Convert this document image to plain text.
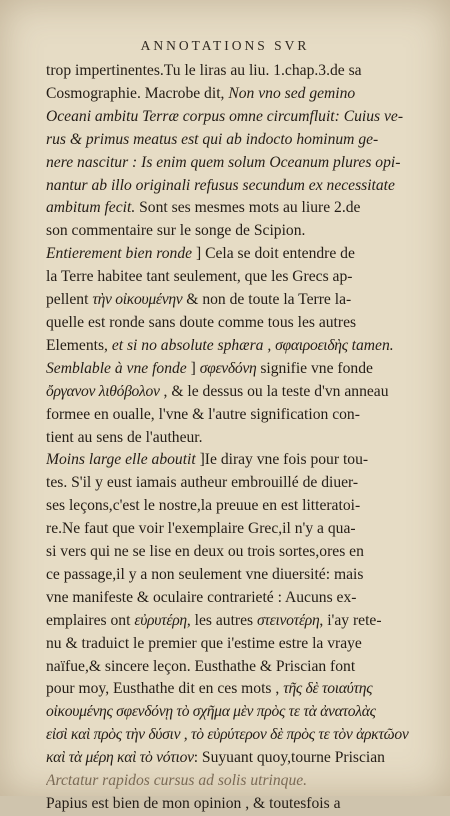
ANNOTATIONS SVR
trop impertinentes.Tu le liras au liu. 1.chap.3.de sa
Cosmographie. Macrobe dit, Non vno sed gemino
Oceani ambitu Terræ corpus omne circumfluit: Cuius ve-
rus & primus meatus est qui ab indocto hominum ge-
nere nascitur : Is enim quem solum Oceanum plures opi-
nantur ab illo originali refusus secundum ex necessitate
ambitum fecit. Sont ses mesmes mots au liure 2.de
son commentaire sur le songe de Scipion.
Entierement bien ronde ] Cela se doit entendre de
la Terre habitee tant seulement, que les Grecs ap-
pellent τὴν οἰκουμένην & non de toute la Terre la-
quelle est ronde sans doute comme tous les autres
Elements, et si no absolute sphæra , σφαιροειδὴς tamen.
Semblable à vne fonde ] σφενδόνη signifie vne fonde
ὄργανον λιθόβολον , & le dessus ou la teste d'vn anneau
formee en oualle, l'vne & l'autre signification con-
tient au sens de l'autheur.
Moins large elle aboutit ]Ie diray vne fois pour tou-
tes. S'il y eust iamais autheur embrouillé de diuer-
ses leçons,c'est le nostre,la preuue en est litteratoi-
re.Ne faut que voir l'exemplaire Grec,il n'y a qua-
si vers qui ne se lise en deux ou trois sortes,ores en
ce passage,il y a non seulement vne diuersité: mais
vne manifeste & oculaire contrarieté : Aucuns ex-
emplaires ont εὐρυτέρη, les autres στεινοτέρη, i'ay rete-
nu & traduict le premier que i'estime estre la vraye
naïfue,& sincere leçon. Eusthathe & Priscian font
pour moy, Eusthathe dit en ces mots , τῆς δὲ τοιαύτης
οἰκουμένης σφενδόνῃ τὸ σχῆμα μὲν πρὸς τε τὰ ἀνατολὰς
εἰσὶ καὶ πρὸς τὴν δύσιν , τὸ εὐρύτερον δὲ πρὸς τε τὸν ἀρκτῶον
καὶ τὰ μέρη καὶ τὸ νότιον: Suyuant quoy,tourne Priscian
Arctatur rapidos cursus ad solis utrinque.
Papius est bien de mon opinion , & toutesfois a
